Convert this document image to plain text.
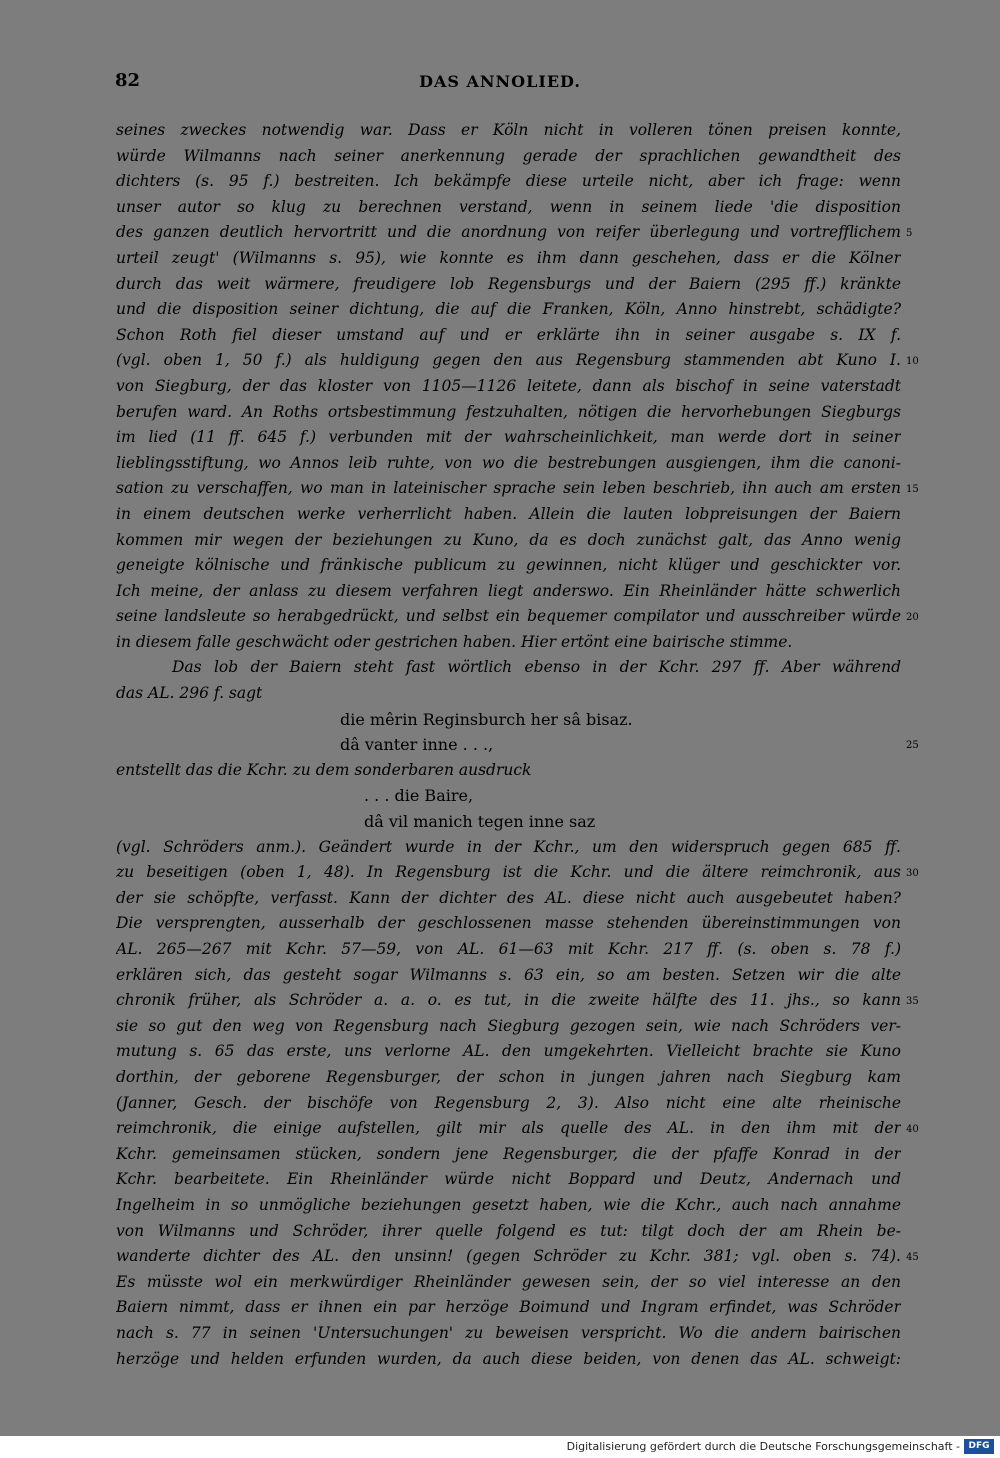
82	DAS ANNOLIED.
seines zweckes notwendig war. Dass er Köln nicht in volleren tönen preisen konnte,
würde Wilmanns nach seiner anerkennung gerade der sprachlichen gewandtheit des
dichters (s. 95 f.) bestreiten. Ich bekämpfe diese urteile nicht, aber ich frage: wenn
unser autor so klug zu berechnen verstand, wenn in seinem liede 'die disposition
des ganzen deutlich hervortritt und die anordnung von reifer überlegung und vortrefflichem
urteil zeugt' (Wilmanns s. 95), wie konnte es ihm dann geschehen, dass er die Kölner
durch das weit wärmere, freudigere lob Regensburgs und der Baiern (295 ff.) kränkte
und die disposition seiner dichtung, die auf die Franken, Köln, Anno hinstrebt, schädigte?
Schon Roth fiel dieser umstand auf und er erklärte ihn in seiner ausgabe s. IX f.
(vgl. oben 1, 50 f.) als huldigung gegen den aus Regensburg stammenden abt Kuno I.
von Siegburg, der das kloster von 1105—1126 leitete, dann als bischof in seine vaterstadt
berufen ward. An Roths ortsbestimmung festzuhalten, nötigen die hervorhebungen Siegburgs
im lied (11 ff. 645 f.) verbunden mit der wahrscheinlichkeit, man werde dort in seiner
lieblingsstiftung, wo Annos leib ruhte, von wo die bestrebungen ausgiengen, ihm die canoni-
sation zu verschaffen, wo man in lateinischer sprache sein leben beschrieb, ihn auch am ersten
in einem deutschen werke verherrlicht haben. Allein die lauten lobpreisungen der Baiern
kommen mir wegen der beziehungen zu Kuno, da es doch zunächst galt, das Anno wenig
geneigte kölnische und fränkische publicum zu gewinnen, nicht klüger und geschickter vor.
Ich meine, der anlass zu diesem verfahren liegt anderswo. Ein Rheinländer hätte schwerlich
seine landsleute so herabgedrückt, und selbst ein bequemer compilator und ausschreiber würde
in diesem falle geschwächt oder gestrichen haben. Hier ertönt eine bairische stimme.
Das lob der Baiern steht fast wörtlich ebenso in der Kchr. 297 ff. Aber während
das AL. 296 f. sagt
die mêrin Reginsburch her sâ bisaz.
dâ vanter inne . . .,
entstellt das die Kchr. zu dem sonderbaren ausdruck
. . . die Baire,
dâ vil manich tegen inne saz
(vgl. Schröders anm.). Geändert wurde in der Kchr., um den widerspruch gegen 685 ff.
zu beseitigen (oben 1, 48). In Regensburg ist die Kchr. und die ältere reimchronik, aus
der sie schöpfte, verfasst. Kann der dichter des AL. diese nicht auch ausgebeutet haben?
Die versprengten, ausserhalb der geschlossenen masse stehenden übereinstimmungen von
AL. 265—267 mit Kchr. 57—59, von AL. 61—63 mit Kchr. 217 ff. (s. oben s. 78 f.)
erklären sich, das gesteht sogar Wilmanns s. 63 ein, so am besten. Setzen wir die alte
chronik früher, als Schröder a. a. o. es tut, in die zweite hälfte des 11. jhs., so kann
sie so gut den weg von Regensburg nach Siegburg gezogen sein, wie nach Schröders ver-
mutung s. 65 das erste, uns verlorne AL. den umgekehrten. Vielleicht brachte sie Kuno
dorthin, der geborene Regensburger, der schon in jungen jahren nach Siegburg kam
(Janner, Gesch. der bischöfe von Regensburg 2, 3). Also nicht eine alte rheinische
reimchronik, die einige aufstellen, gilt mir als quelle des AL. in den ihm mit der
Kchr. gemeinsamen stücken, sondern jene Regensburger, die der pfaffe Konrad in der
Kchr. bearbeitete. Ein Rheinländer würde nicht Boppard und Deutz, Andernach und
Ingelheim in so unmögliche beziehungen gesetzt haben, wie die Kchr., auch nach annahme
von Wilmanns und Schröder, ihrer quelle folgend es tut: tilgt doch der am Rhein be-
wanderte dichter des AL. den unsinn! (gegen Schröder zu Kchr. 381; vgl. oben s. 74).
Es müsste wol ein merkwürdiger Rheinländer gewesen sein, der so viel interesse an den
Baiern nimmt, dass er ihnen ein par herzöge Boimund und Ingram erfindet, was Schröder
nach s. 77 in seinen 'Untersuchungen' zu beweisen verspricht. Wo die andern bairischen
herzöge und helden erfunden wurden, da auch diese beiden, von denen das AL. schweigt:
5
10
15
20
25
30
35
40
45
Digitalisierung gefördert durch die Deutsche Forschungsgemeinschaft - DFG
